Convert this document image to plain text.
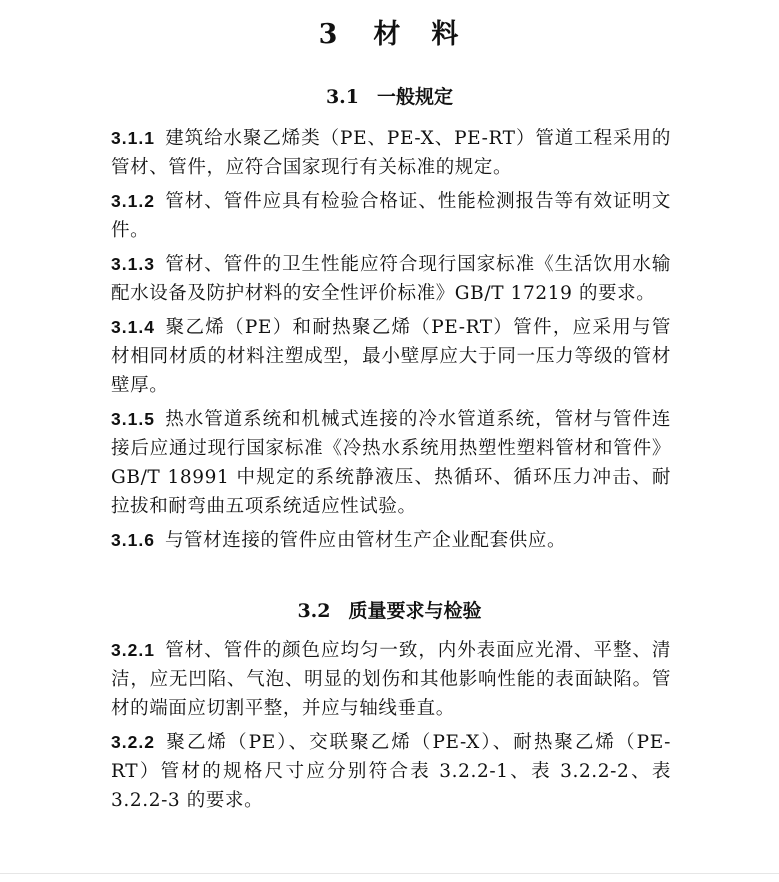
3 材　料
3.1 一般规定

3.1.1 建筑给水聚乙烯类（PE、PE-X、PE-RT）管道工程采用的管材、管件，应符合国家现行有关标准的规定。

3.1.2 管材、管件应具有检验合格证、性能检测报告等有效证明文件。

3.1.3 管材、管件的卫生性能应符合现行国家标准《生活饮用水输配水设备及防护材料的安全性评价标准》GB/T 17219 的要求。

3.1.4 聚乙烯（PE）和耐热聚乙烯（PE-RT）管件，应采用与管材相同材质的材料注塑成型，最小壁厚应大于同一压力等级的管材壁厚。

3.1.5 热水管道系统和机械式连接的冷水管道系统，管材与管件连接后应通过现行国家标准《冷热水系统用热塑性塑料管材和管件》GB/T 18991 中规定的系统静液压、热循环、循环压力冲击、耐拉拔和耐弯曲五项系统适应性试验。

3.1.6 与管材连接的管件应由管材生产企业配套供应。

3.2 质量要求与检验

3.2.1 管材、管件的颜色应均匀一致，内外表面应光滑、平整、清洁，应无凹陷、气泡、明显的划伤和其他影响性能的表面缺陷。管材的端面应切割平整，并应与轴线垂直。

3.2.2 聚乙烯（PE）、交联聚乙烯（PE-X）、耐热聚乙烯（PE-RT）管材的规格尺寸应分别符合表 3.2.2-1、表 3.2.2-2、表 3.2.2-3 的要求。
